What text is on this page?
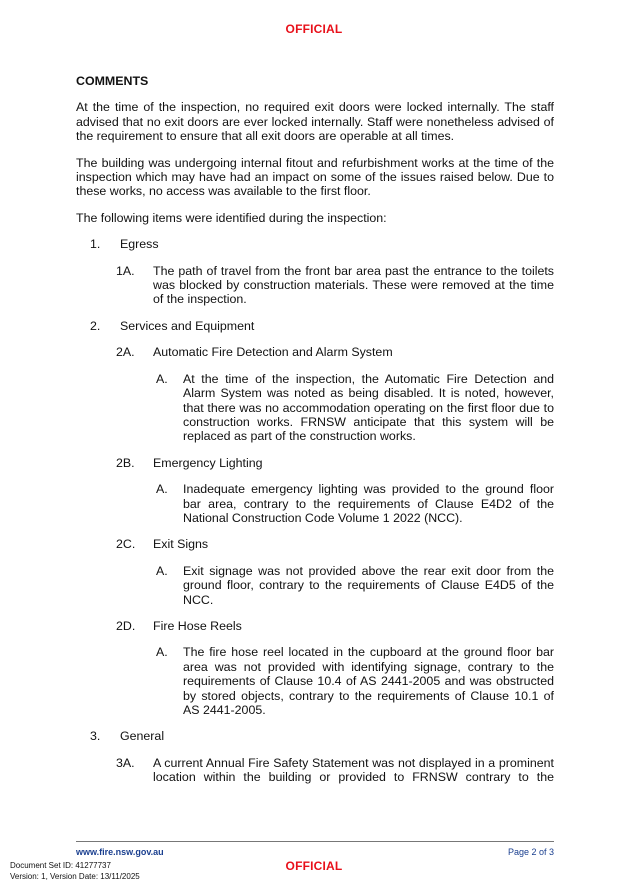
OFFICIAL
COMMENTS
At the time of the inspection, no required exit doors were locked internally. The staff advised that no exit doors are ever locked internally. Staff were nonetheless advised of the requirement to ensure that all exit doors are operable at all times.
The building was undergoing internal fitout and refurbishment works at the time of the inspection which may have had an impact on some of the issues raised below. Due to these works, no access was available to the first floor.
The following items were identified during the inspection:
1.	Egress
1A.	The path of travel from the front bar area past the entrance to the toilets was blocked by construction materials. These were removed at the time of the inspection.
2.	Services and Equipment
2A.	Automatic Fire Detection and Alarm System
A.	At the time of the inspection, the Automatic Fire Detection and Alarm System was noted as being disabled. It is noted, however, that there was no accommodation operating on the first floor due to construction works. FRNSW anticipate that this system will be replaced as part of the construction works.
2B.	Emergency Lighting
A.	Inadequate emergency lighting was provided to the ground floor bar area, contrary to the requirements of Clause E4D2 of the National Construction Code Volume 1 2022 (NCC).
2C.	Exit Signs
A.	Exit signage was not provided above the rear exit door from the ground floor, contrary to the requirements of Clause E4D5 of the NCC.
2D.	Fire Hose Reels
A.	The fire hose reel located in the cupboard at the ground floor bar area was not provided with identifying signage, contrary to the requirements of Clause 10.4 of AS 2441-2005 and was obstructed by stored objects, contrary to the requirements of Clause 10.1 of AS 2441-2005.
3.	General
3A.	A current Annual Fire Safety Statement was not displayed in a prominent location within the building or provided to FRNSW contrary to the
www.fire.nsw.gov.au	Page 2 of 3
Document Set ID: 41277737
Version: 1, Version Date: 13/11/2025
OFFICIAL
